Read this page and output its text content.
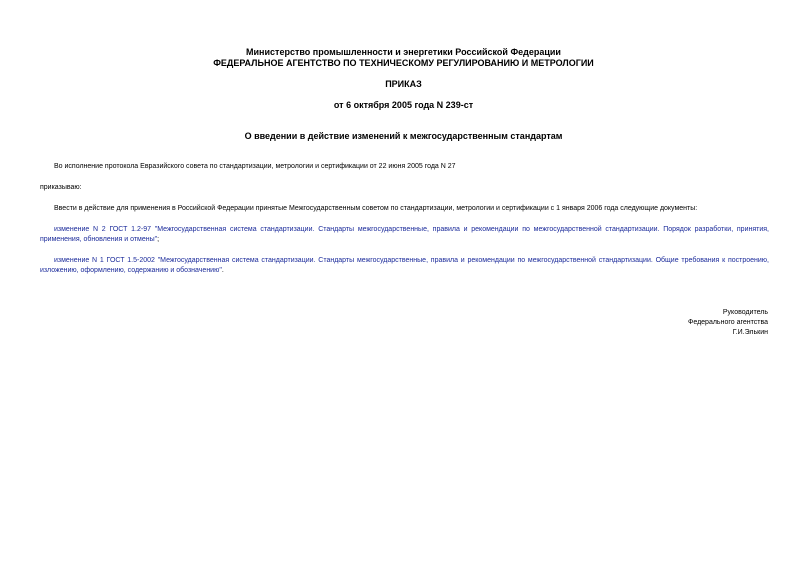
Министерство промышленности и энергетики Российской Федерации
ФЕДЕРАЛЬНОЕ АГЕНТСТВО ПО ТЕХНИЧЕСКОМУ РЕГУЛИРОВАНИЮ И МЕТРОЛОГИИ
ПРИКАЗ
от 6 октября 2005 года N 239-ст
О введении в действие изменений к межгосударственным стандартам
Во исполнение протокола Евразийского совета по стандартизации, метрологии и сертификации от 22 июня 2005 года N 27
приказываю:
Ввести в действие для применения в Российской Федерации принятые Межгосударственным советом по стандартизации, метрологии и сертификации с 1 января 2006 года следующие документы:
изменение N 2 ГОСТ 1.2-97 "Межгосударственная система стандартизации. Стандарты межгосударственные, правила и рекомендации по межгосударственной стандартизации. Порядок разработки, принятия, применения, обновления и отмены";
изменение N 1 ГОСТ 1.5-2002 "Межгосударственная система стандартизации. Стандарты межгосударственные, правила и рекомендации по межгосударственной стандартизации. Общие требования к построению, изложению, оформлению, содержанию и обозначению".
Руководитель
Федерального агентства
Г.И.Элькин
